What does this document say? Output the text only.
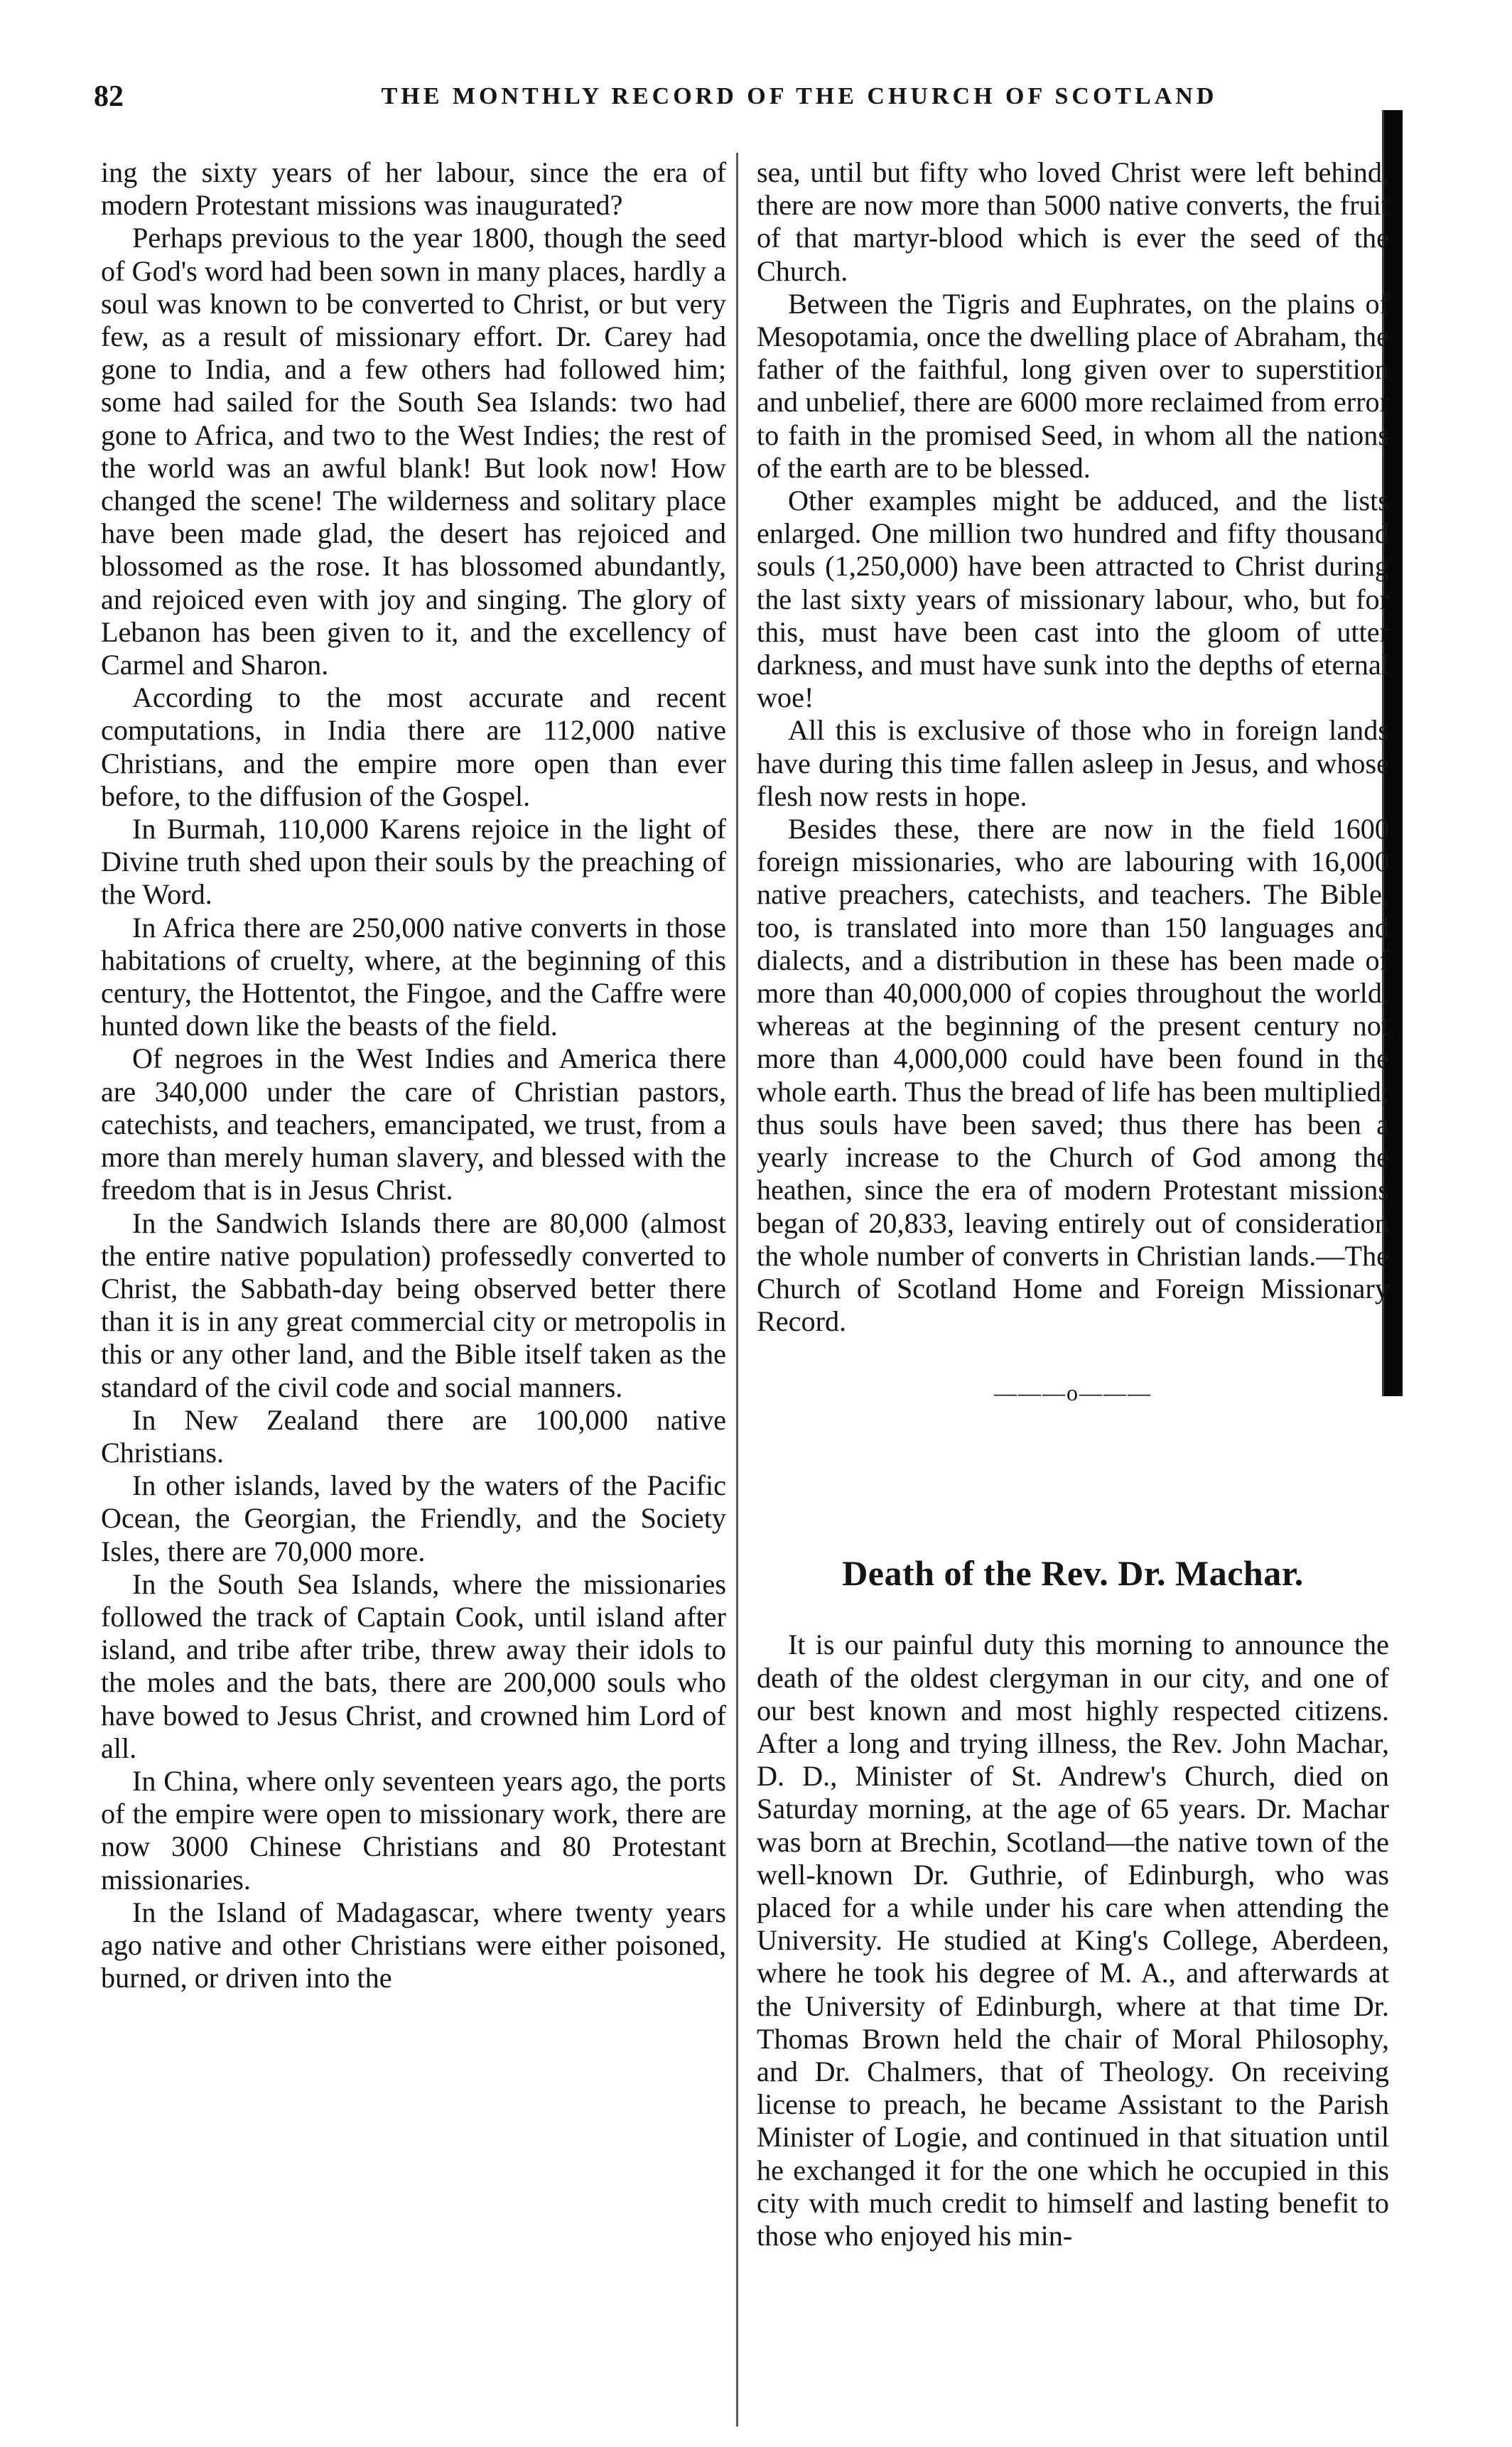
82	THE MONTHLY RECORD OF THE CHURCH OF SCOTLAND

ing the sixty years of her labour, since the era of modern Protestant missions was inaugurated?

Perhaps previous to the year 1800, though the seed of God's word had been sown in many places, hardly a soul was known to be converted to Christ, or but very few, as a result of missionary effort. Dr. Carey had gone to India, and a few others had followed him; some had sailed for the South Sea Islands: two had gone to Africa, and two to the West Indies; the rest of the world was an awful blank! But look now! How changed the scene! The wilderness and solitary place have been made glad, the desert has rejoiced and blossomed as the rose. It has blossomed abundantly, and rejoiced even with joy and singing. The glory of Lebanon has been given to it, and the excellency of Carmel and Sharon.

According to the most accurate and recent computations, in India there are 112,000 native Christians, and the empire more open than ever before, to the diffusion of the Gospel.

In Burmah, 110,000 Karens rejoice in the light of Divine truth shed upon their souls by the preaching of the Word.

In Africa there are 250,000 native converts in those habitations of cruelty, where, at the beginning of this century, the Hottentot, the Fingoe, and the Caffre were hunted down like the beasts of the field.

Of negroes in the West Indies and America there are 340,000 under the care of Christian pastors, catechists, and teachers, emancipated, we trust, from a more than merely human slavery, and blessed with the freedom that is in Jesus Christ.

In the Sandwich Islands there are 80,000 (almost the entire native population) professedly converted to Christ, the Sabbath-day being observed better there than it is in any great commercial city or metropolis in this or any other land, and the Bible itself taken as the standard of the civil code and social manners.

In New Zealand there are 100,000 native Christians.

In other islands, laved by the waters of the Pacific Ocean, the Georgian, the Friendly, and the Society Isles, there are 70,000 more.

In the South Sea Islands, where the missionaries followed the track of Captain Cook, until island after island, and tribe after tribe, threw away their idols to the moles and the bats, there are 200,000 souls who have bowed to Jesus Christ, and crowned him Lord of all.

In China, where only seventeen years ago, the ports of the empire were open to missionary work, there are now 3000 Chinese Christians and 80 Protestant missionaries.

In the Island of Madagascar, where twenty years ago native and other Christians were either poisoned, burned, or driven into the

sea, until but fifty who loved Christ were left behind, there are now more than 5000 native converts, the fruit of that martyr-blood which is ever the seed of the Church.

Between the Tigris and Euphrates, on the plains of Mesopotamia, once the dwelling place of Abraham, the father of the faithful, long given over to superstition and unbelief, there are 6000 more reclaimed from error to faith in the promised Seed, in whom all the nations of the earth are to be blessed.

Other examples might be adduced, and the lists enlarged. One million two hundred and fifty thousand souls (1,250,000) have been attracted to Christ during the last sixty years of missionary labour, who, but for this, must have been cast into the gloom of utter darkness, and must have sunk into the depths of eternal woe!

All this is exclusive of those who in foreign lands have during this time fallen asleep in Jesus, and whose flesh now rests in hope.

Besides these, there are now in the field 1600 foreign missionaries, who are labouring with 16,000 native preachers, catechists, and teachers. The Bible, too, is translated into more than 150 languages and dialects, and a distribution in these has been made of more than 40,000,000 of copies throughout the world, whereas at the beginning of the present century not more than 4,000,000 could have been found in the whole earth. Thus the bread of life has been multiplied; thus souls have been saved; thus there has been a yearly increase to the Church of God among the heathen, since the era of modern Protestant missions began of 20,833, leaving entirely out of consideration the whole number of converts in Christian lands.—The Church of Scotland Home and Foreign Missionary Record.

———o———
Death of the Rev. Dr. Machar.

It is our painful duty this morning to announce the death of the oldest clergyman in our city, and one of our best known and most highly respected citizens. After a long and trying illness, the Rev. John Machar, D. D., Minister of St. Andrew's Church, died on Saturday morning, at the age of 65 years. Dr. Machar was born at Brechin, Scotland—the native town of the well-known Dr. Guthrie, of Edinburgh, who was placed for a while under his care when attending the University. He studied at King's College, Aberdeen, where he took his degree of M. A., and afterwards at the University of Edinburgh, where at that time Dr. Thomas Brown held the chair of Moral Philosophy, and Dr. Chalmers, that of Theology. On receiving license to preach, he became Assistant to the Parish Minister of Logie, and continued in that situation until he exchanged it for the one which he occupied in this city with much credit to himself and lasting benefit to those who enjoyed his min-
